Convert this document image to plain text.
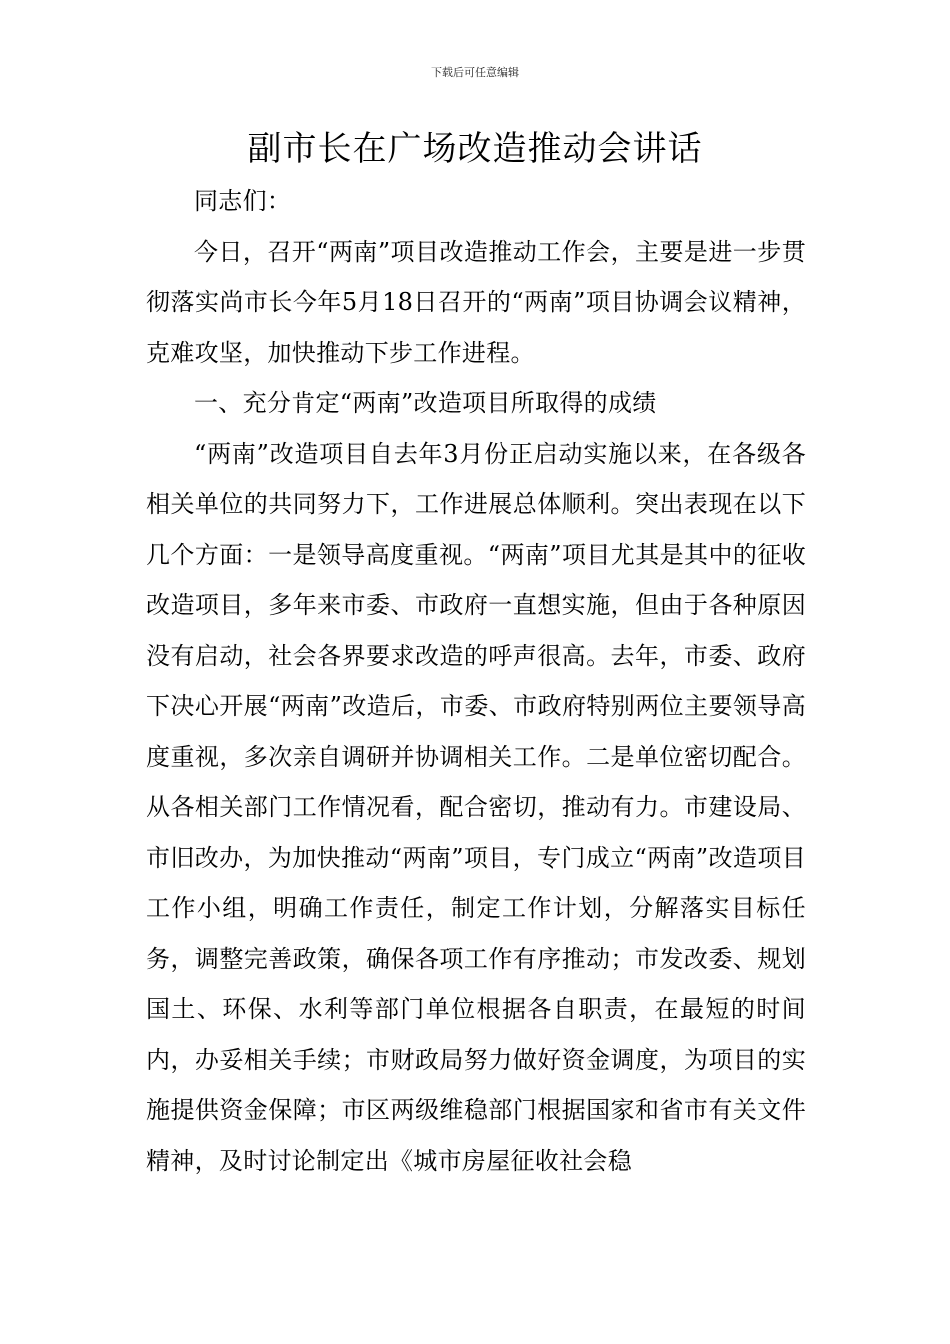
下载后可任意编辑
副市长在广场改造推动会讲话

同志们：

今日，召开“两南”项目改造推动工作会，主要是进一步贯彻落实尚市长今年5月18日召开的“两南”项目协调会议精神，克难攻坚，加快推动下步工作进程。

一、充分肯定“两南”改造项目所取得的成绩

“两南”改造项目自去年3月份正启动实施以来，在各级各相关单位的共同努力下，工作进展总体顺利。突出表现在以下几个方面：一是领导高度重视。“两南”项目尤其是其中的征收改造项目，多年来市委、市政府一直想实施，但由于各种原因没有启动，社会各界要求改造的呼声很高。去年，市委、政府下决心开展“两南”改造后，市委、市政府特别两位主要领导高度重视，多次亲自调研并协调相关工作。二是单位密切配合。从各相关部门工作情况看，配合密切，推动有力。市建设局、市旧改办，为加快推动“两南”项目，专门成立“两南”改造项目工作小组，明确工作责任，制定工作计划，分解落实目标任务，调整完善政策，确保各项工作有序推动；市发改委、规划国土、环保、水利等部门单位根据各自职责，在最短的时间内，办妥相关手续；市财政局努力做好资金调度，为项目的实施提供资金保障；市区两级维稳部门根据国家和省市有关文件精神，及时讨论制定出《城市房屋征收社会稳
